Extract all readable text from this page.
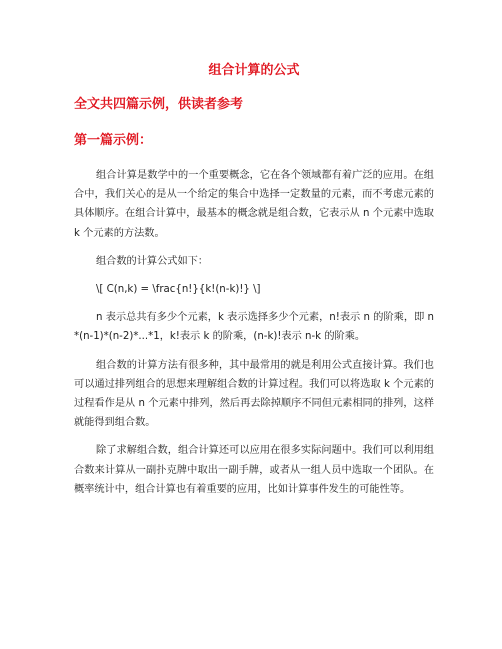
组合计算的公式
全文共四篇示例，供读者参考
第一篇示例：

组合计算是数学中的一个重要概念，它在各个领域都有着广泛的应用。在组合中，我们关心的是从一个给定的集合中选择一定数量的元素，而不考虑元素的具体顺序。在组合计算中，最基本的概念就是组合数，它表示从 n 个元素中选取 k 个元素的方法数。

组合数的计算公式如下：

\[ C(n,k) = \frac{n!}{k!(n-k)!} \]

n 表示总共有多少个元素，k 表示选择多少个元素，n!表示 n 的阶乘，即 n*(n-1)*(n-2)*...*1，k!表示 k 的阶乘，(n-k)!表示 n-k 的阶乘。

组合数的计算方法有很多种，其中最常用的就是利用公式直接计算。我们也可以通过排列组合的思想来理解组合数的计算过程。我们可以将选取 k 个元素的过程看作是从 n 个元素中排列，然后再去除掉顺序不同但元素相同的排列，这样就能得到组合数。

除了求解组合数，组合计算还可以应用在很多实际问题中。我们可以利用组合数来计算从一副扑克牌中取出一副手牌，或者从一组人员中选取一个团队。在概率统计中，组合计算也有着重要的应用，比如计算事件发生的可能性等。
